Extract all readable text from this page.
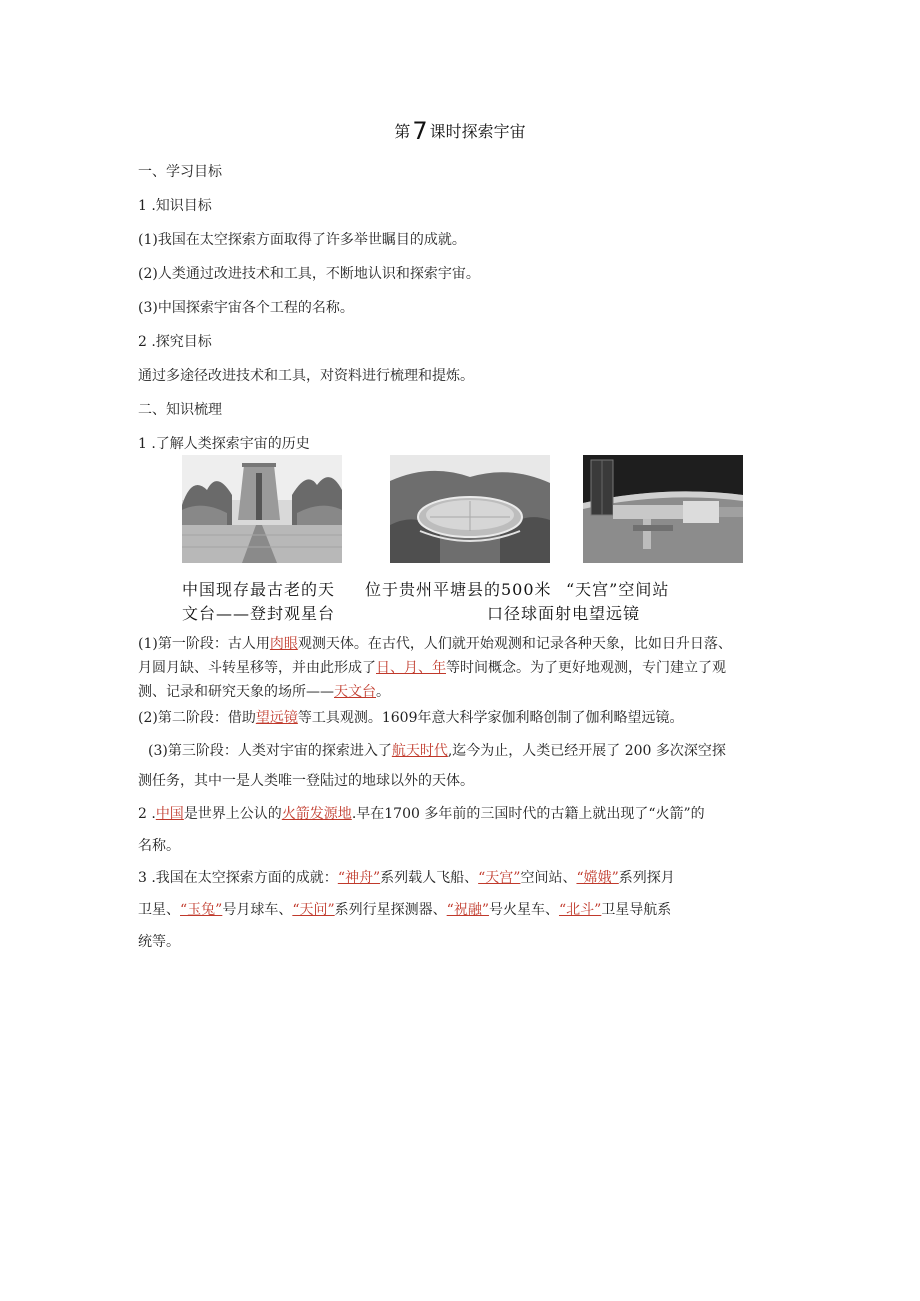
第7 课时探索宇宙
一、学习目标
1 .知识目标
(1)我国在太空探索方面取得了许多举世瞩目的成就。
(2)人类通过改进技术和工具，不断地认识和探索宇宙。
(3)中国探索宇宙各个工程的名称。
2 .探究目标
通过多途径改进技术和工具，对资料进行梳理和提炼。
二、知识梳理
1 .了解人类探索宇宙的历史
中国现存最古老的天
文台——登封观星台
位于贵州平塘县的500米
口径球面射电望远镜
“天宫”空间站
(1)第一阶段：古人用肉眼观测天体。在古代，人们就开始观测和记录各种天象，比如日升日落、
月圆月缺、斗转星移等，并由此形成了日、月、年等时间概念。为了更好地观测，专门建立了观
测、记录和研究天象的场所——天文台。
(2)第二阶段：借助望远镜等工具观测。1609年意大科学家伽利略创制了伽利略望远镜。
(3)第三阶段：人类对宇宙的探索进入了航天时代,迄今为止，人类已经开展了 200 多次深空探
测任务，其中一是人类唯一登陆过的地球以外的天体。
2 .中国是世界上公认的火箭发源地.早在1700 多年前的三国时代的古籍上就出现了“火箭”的
名称。
3 .我国在太空探索方面的成就：“神舟”系列载人飞船、“天宫”空间站、“嫦娥”系列探月
卫星、“玉兔”号月球车、“天问”系列行星探测器、“祝融”号火星车、“北斗”卫星导航系
统等。
